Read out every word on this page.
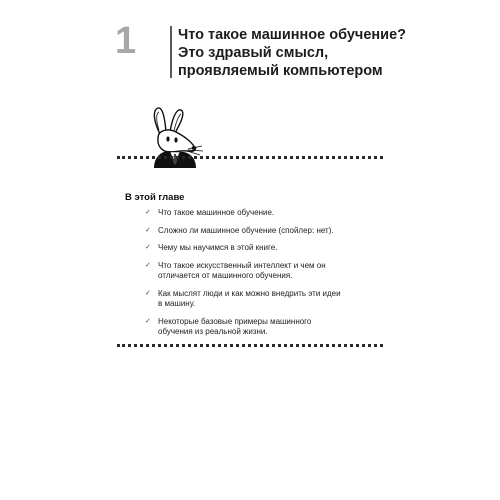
1	Что такое машинное обучение?
Это здравый смысл,
проявляемый компьютером
В этой главе
✓ Что такое машинное обучение.
✓ Сложно ли машинное обучение (спойлер: нет).
✓ Чему мы научимся в этой книге.
✓ Что такое искусственный интеллект и чем он
отличается от машинного обучения.
✓ Как мыслят люди и как можно внедрить эти идеи
в машину.
✓ Некоторые базовые примеры машинного
обучения из реальной жизни.
